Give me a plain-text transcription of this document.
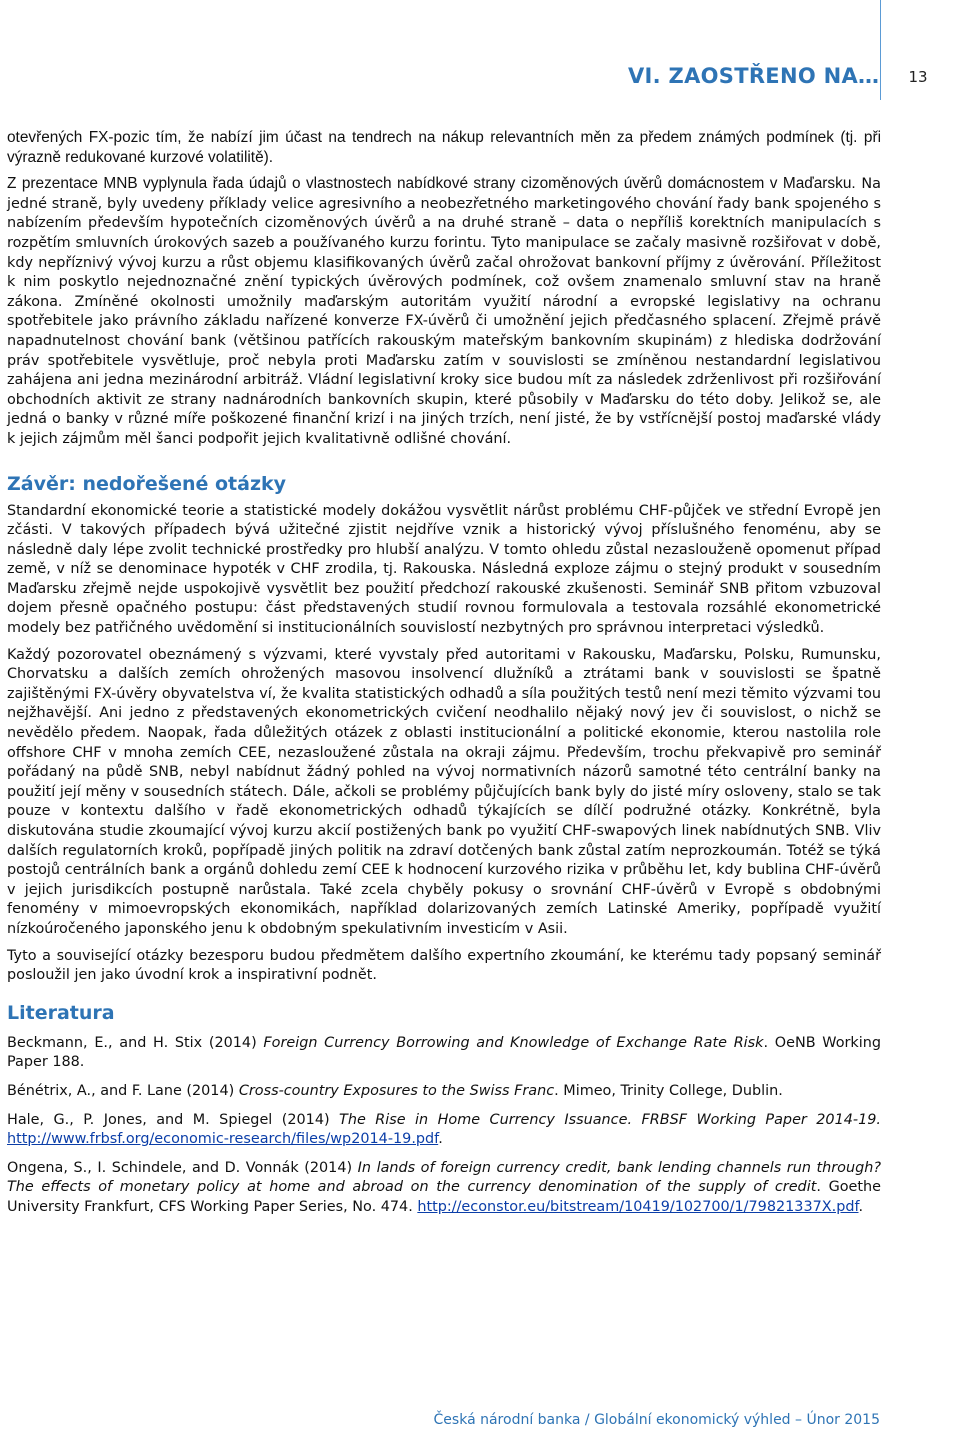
VI. ZAOSTŘENO NA…	13

otevřených FX-pozic tím, že nabízí jim účast na tendrech na nákup relevantních měn za předem známých podmínek (tj. při výrazně redukované kurzové volatilitě).

Z prezentace MNB vyplynula řada údajů o vlastnostech nabídkové strany cizoměnových úvěrů domácnostem v Maďarsku. Na jedné straně, byly uvedeny příklady velice agresivního a neobezřetného marketingového chování řady bank spojeného s nabízením především hypotečních cizoměnových úvěrů a na druhé straně – data o nepříliš korektních manipulacích s rozpětím smluvních úrokových sazeb a používaného kurzu forintu. Tyto manipulace se začaly masivně rozšiřovat v době, kdy nepříznivý vývoj kurzu a růst objemu klasifikovaných úvěrů začal ohrožovat bankovní příjmy z úvěrování. Příležitost k nim poskytlo nejednoznačné znění typických úvěrových podmínek, což ovšem znamenalo smluvní stav na hraně zákona. Zmíněné okolnosti umožnily maďarským autoritám využití národní a evropské legislativy na ochranu spotřebitele jako právního základu nařízené konverze FX-úvěrů či umožnění jejich předčasného splacení. Zřejmě právě napadnutelnost chování bank (většinou patřících rakouským mateřským bankovním skupinám) z hlediska dodržování práv spotřebitele vysvětluje, proč nebyla proti Maďarsku zatím v souvislosti se zmíněnou nestandardní legislativou zahájena ani jedna mezinárodní arbitráž. Vládní legislativní kroky sice budou mít za následek zdrženlivost při rozšiřování obchodních aktivit ze strany nadnárodních bankovních skupin, které působily v Maďarsku do této doby. Jelikož se, ale jedná o banky v různé míře poškozené finanční krizí i na jiných trzích, není jisté, že by vstřícnější postoj maďarské vlády k jejich zájmům měl šanci podpořit jejich kvalitativně odlišné chování.

Závěr: nedořešené otázky

Standardní ekonomické teorie a statistické modely dokážou vysvětlit nárůst problému CHF-půjček ve střední Evropě jen zčásti. V takových případech bývá užitečné zjistit nejdříve vznik a historický vývoj příslušného fenoménu, aby se následně daly lépe zvolit technické prostředky pro hlubší analýzu. V tomto ohledu zůstal nezaslouženě opomenut případ země, v níž se denominace hypoték v CHF zrodila, tj. Rakouska. Následná exploze zájmu o stejný produkt v sousedním Maďarsku zřejmě nejde uspokojivě vysvětlit bez použití předchozí rakouské zkušenosti. Seminář SNB přitom vzbuzoval dojem přesně opačného postupu: část představených studií rovnou formulovala a testovala rozsáhlé ekonometrické modely bez patřičného uvědomění si institucionálních souvislostí nezbytných pro správnou interpretaci výsledků.

Každý pozorovatel obeznámený s výzvami, které vyvstaly před autoritami v Rakousku, Maďarsku, Polsku, Rumunsku, Chorvatsku a dalších zemích ohrožených masovou insolvencí dlužníků a ztrátami bank v souvislosti se špatně zajištěnými FX-úvěry obyvatelstva ví, že kvalita statistických odhadů a síla použitých testů není mezi těmito výzvami tou nejžhavější. Ani jedno z představených ekonometrických cvičení neodhalilo nějaký nový jev či souvislost, o nichž se nevědělo předem. Naopak, řada důležitých otázek z oblasti institucionální a politické ekonomie, kterou nastolila role offshore CHF v mnoha zemích CEE, nezasloužené zůstala na okraji zájmu. Především, trochu překvapivě pro seminář pořádaný na půdě SNB, nebyl nabídnut žádný pohled na vývoj normativních názorů samotné této centrální banky na použití její měny v sousedních státech. Dále, ačkoli se problémy půjčujících bank byly do jisté míry osloveny, stalo se tak pouze v kontextu dalšího v řadě ekonometrických odhadů týkajících se dílčí podružné otázky. Konkrétně, byla diskutována studie zkoumající vývoj kurzu akcií postižených bank po využití CHF-swapových linek nabídnutých SNB. Vliv dalších regulatorních kroků, popřípadě jiných politik na zdraví dotčených bank zůstal zatím neprozkoumán. Totéž se týká postojů centrálních bank a orgánů dohledu zemí CEE k hodnocení kurzového rizika v průběhu let, kdy bublina CHF-úvěrů v jejich jurisdikcích postupně narůstala. Také zcela chyběly pokusy o srovnání CHF-úvěrů v Evropě s obdobnými fenomény v mimoevropských ekonomikách, například dolarizovaných zemích Latinské Ameriky, popřípadě využití nízkoúročeného japonského jenu k obdobným spekulativním investicím v Asii.

Tyto a související otázky bezesporu budou předmětem dalšího expertního zkoumání, ke kterému tady popsaný seminář posloužil jen jako úvodní krok a inspirativní podnět.

Literatura

Beckmann, E., and H. Stix (2014) Foreign Currency Borrowing and Knowledge of Exchange Rate Risk. OeNB Working Paper 188.

Bénétrix, A., and F. Lane (2014) Cross-country Exposures to the Swiss Franc. Mimeo, Trinity College, Dublin.

Hale, G., P. Jones, and M. Spiegel (2014) The Rise in Home Currency Issuance. FRBSF Working Paper 2014-19. http://www.frbsf.org/economic-research/files/wp2014-19.pdf.

Ongena, S., I. Schindele, and D. Vonnák (2014) In lands of foreign currency credit, bank lending channels run through? The effects of monetary policy at home and abroad on the currency denomination of the supply of credit. Goethe University Frankfurt, CFS Working Paper Series, No. 474. http://econstor.eu/bitstream/10419/102700/1/79821337X.pdf.

Česká národní banka / Globální ekonomický výhled – Únor 2015
